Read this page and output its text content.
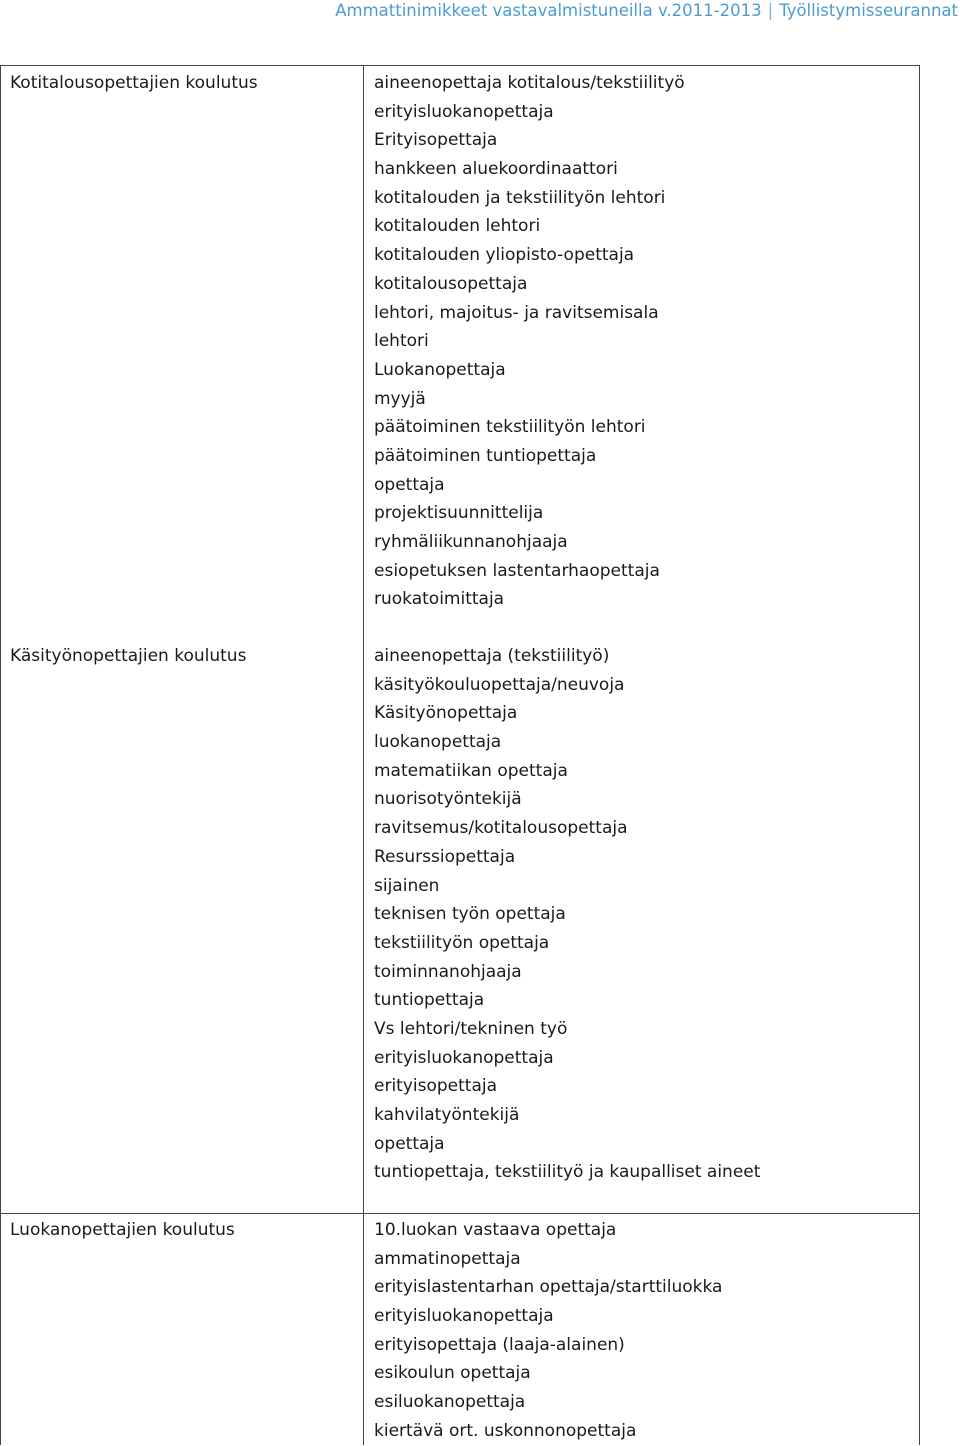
Ammattinimikkeet vastavalmistuneilla v.2011-2013 | Työllistymisseurannat
Kotitalousopettajien koulutus	aineenopettaja kotitalous/tekstiilityö
erityisluokanopettaja
Erityisopettaja
hankkeen aluekoordinaattori
kotitalouden ja tekstiilityön lehtori
kotitalouden lehtori
kotitalouden yliopisto-opettaja
kotitalousopettaja
lehtori, majoitus- ja ravitsemisala
lehtori
Luokanopettaja
myyjä
päätoiminen tekstiilityön lehtori
päätoiminen tuntiopettaja
opettaja
projektisuunnittelija
ryhmäliikunnanohjaaja
esiopetuksen lastentarhaopettaja
ruokatoimittaja
Käsityönopettajien koulutus	aineenopettaja (tekstiilityö)
käsityökouluopettaja/neuvoja
Käsityönopettaja
luokanopettaja
matematiikan opettaja
nuorisotyöntekijä
ravitsemus/kotitalousopettaja
Resurssiopettaja
sijainen
teknisen työn opettaja
tekstiilityön opettaja
toiminnanohjaaja
tuntiopettaja
Vs lehtori/tekninen työ
erityisluokanopettaja
erityisopettaja
kahvilatyöntekijä
opettaja
tuntiopettaja, tekstiilityö ja kaupalliset aineet
Luokanopettajien koulutus	10.luokan vastaava opettaja
ammatinopettaja
erityislastentarhan opettaja/starttiluokka
erityisluokanopettaja
erityisopettaja (laaja-alainen)
esikoulun opettaja
esiluokanopettaja
kiertävä ort. uskonnonopettaja
